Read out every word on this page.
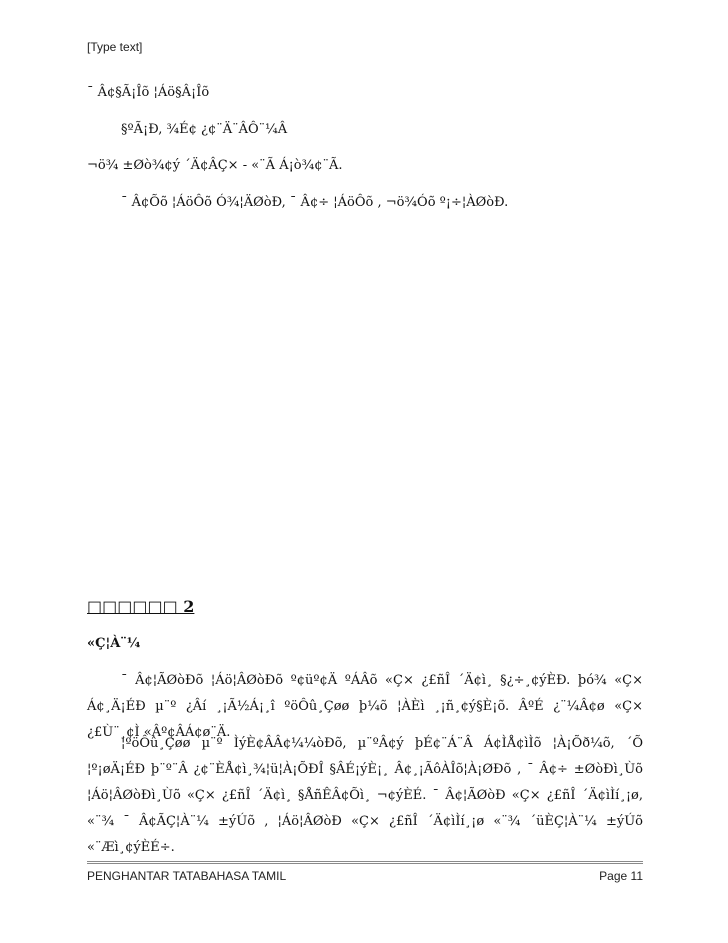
[Type text]
¯ Â¢§Ã¡Îõ ¦Áö§Â¡Îõ
§ºÃ¡Ð, ¾É¢ ¿¢¨Ä¨ÂÔ¨¼Â
¬ö¾ ±Øò¾¢ý ´Ä¢ÂÇ× - «¨Ã Á¡ò¾¢¨Ã.
¯ Â¢Õõ ¦ÁöÔõ Ó¾¦ÄØòÐ, ¯ Â¢÷ ¦ÁöÔõ , ¬ö¾Óõ º¡÷¦ÀØòÐ.
□□□□□□ 2
«Ç¦À¨¼
¯ Â¢¦ÃØòÐõ ¦Áö¦ÂØòÐõ º¢üº¢Ä ºÁÂõ «Ç× ¿£ñÎ ´Ä¢ì¸ §¿÷¸¢ýÈÐ. þó¾ «Ç× Á¢¸Ä¡ÉÐ µ¨º ¿Âí ¸¡Ã½Á¡¸î ºöÔû¸Çøø þ¼õ ¦ÀÈì ¸¡ñ¸¢ý§È¡õ. ÂºÉ ¿¨¼Â¢ø «Ç× ¿£Ù¨¸¢Ì «Âº¢ÂÁ¢ø¨Ä.
¦ºöÔû¸Çøø µ¨º ÌýÈ¢ÂÂ¢¼¼òÐõ, µ¨ºÂ¢ý þÉ¢¨Á¨Â Á¢ÌÅ¢ìÌõ ¦À¡Õð¼õ, ´Õ ¦º¡øÄ¡ÉÐ þ¨º¨Â ¿¢¨ÈÅ¢ì¸¾¦ü¦À¡ÕÐÎ §ÂÉ¡ýÈ¡¸ Â¢¸¡ÃôÀÎõ¦À¡ØÐõ , ¯ Â¢÷ ±ØòÐì¸Ùõ ¦Áö¦ÂØòÐì¸Ùõ «Ç× ¿£ñÎ ´Ä¢ì¸ §ÅñÊÂ¢Õì¸ ¬¢ýÈÉ. ¯ Â¢¦ÃØòÐ «Ç× ¿£ñÎ ´Ä¢ìÌí¸¡ø, «¨¾ ¯ Â¢ÃÇ¦À¨¼ ±ýÚõ , ¦Áö¦ÂØòÐ «Ç× ¿£ñÎ ´Ä¢ìÌí¸¡ø «¨¾ ´üÈÇ¦À¨¼ ±ýÚõ «¨Æì¸¢ýÈÉ÷.
PENGHANTAR TATABAHASA TAMIL	Page 11
